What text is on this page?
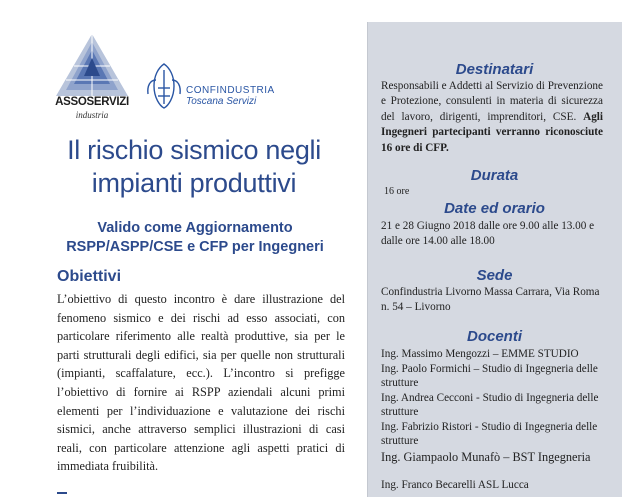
ASSOSERVIZI
industria
CONFINDUSTRIA
Toscana Servizi
Il rischio sismico negli
impianti produttivi
Valido come Aggiornamento
RSPP/ASPP/CSE e CFP per Ingegneri
Obiettivi

L’obiettivo di questo incontro è dare illustrazione del fenomeno sismico e dei rischi ad esso associati, con particolare riferimento alle realtà produttive, sia per le parti strutturali degli edifici, sia per quelle non strutturali (impianti, scaffalature, ecc.). L’incontro si prefigge l’obiettivo di fornire ai RSPP aziendali alcuni primi elementi per l’individuazione e valutazione dei rischi sismici, anche attraverso semplici illustrazioni di casi reali, con particolare attenzione agli aspetti pratici di immediata fruibilità.

Destinatari

Responsabili e Addetti al Servizio di Prevenzione e Protezione, consulenti in materia di sicurezza del lavoro, dirigenti, imprenditori, CSE. Agli Ingegneri partecipanti verranno riconosciute 16 ore di CFP.

Durata

16 ore

Date ed orario

21 e 28 Giugno 2018 dalle ore 9.00 alle 13.00 e dalle ore 14.00 alle 18.00

Sede

Confindustria Livorno Massa Carrara, Via Roma n. 54 – Livorno

Docenti
Ing. Massimo Mengozzi – EMME STUDIO
Ing. Paolo Formichi – Studio di Ingegneria delle strutture
Ing. Andrea Cecconi - Studio di Ingegneria delle strutture
Ing. Fabrizio Ristori - Studio di Ingegneria delle strutture
Ing. Giampaolo Munafò – BST Ingegneria
Ing. Franco Becarelli ASL Lucca
